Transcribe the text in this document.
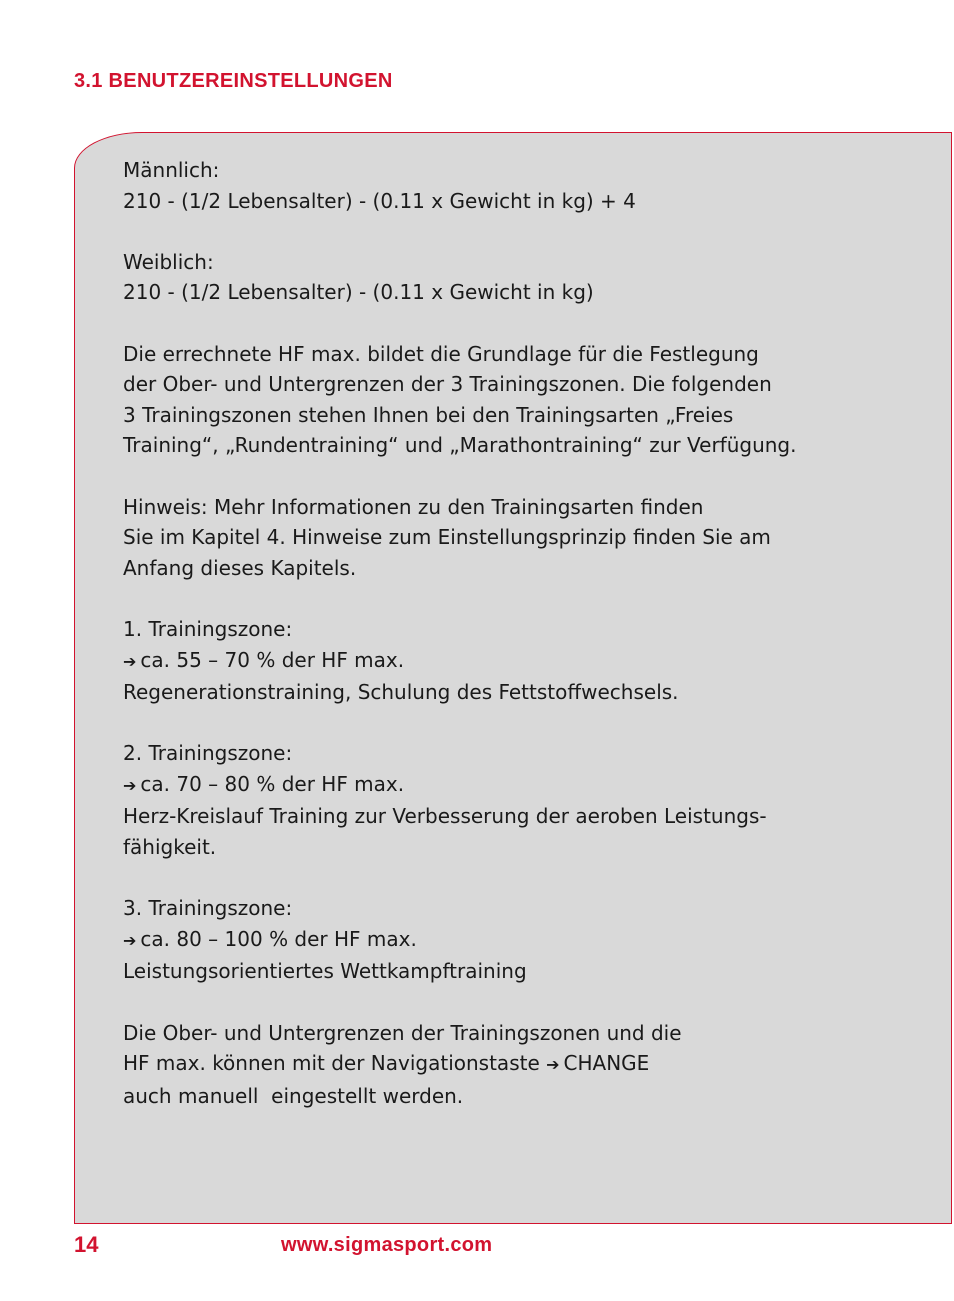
3.1 BENUTZEREINSTELLUNGEN

Männlich:
210 - (1/2 Lebensalter) - (0.11 x Gewicht in kg) + 4

Weiblich:
210 - (1/2 Lebensalter) - (0.11 x Gewicht in kg)

Die errechnete HF max. bildet die Grundlage für die Festlegung
der Ober- und Untergrenzen der 3 Trainingszonen. Die folgenden
3 Trainingszonen stehen Ihnen bei den Trainingsarten „Freies
Training“, „Rundentraining“ und „Marathontraining“ zur Verfügung.

Hinweis: Mehr Informationen zu den Trainingsarten finden
Sie im Kapitel 4. Hinweise zum Einstellungsprinzip finden Sie am
Anfang dieses Kapitels.

1. Trainingszone:
➔ ca. 55 – 70 % der HF max.
Regenerationstraining, Schulung des Fettstoffwechsels.

2. Trainingszone:
➔ ca. 70 – 80 % der HF max.
Herz-Kreislauf Training zur Verbesserung der aeroben Leistungs-
fähigkeit.

3. Trainingszone:
➔ ca. 80 – 100 % der HF max.
Leistungsorientiertes Wettkampftraining

Die Ober- und Untergrenzen der Trainingszonen und die
HF max. können mit der Navigationstaste ➔ CHANGE
auch manuell  eingestellt werden.

14	www.sigmasport.com
